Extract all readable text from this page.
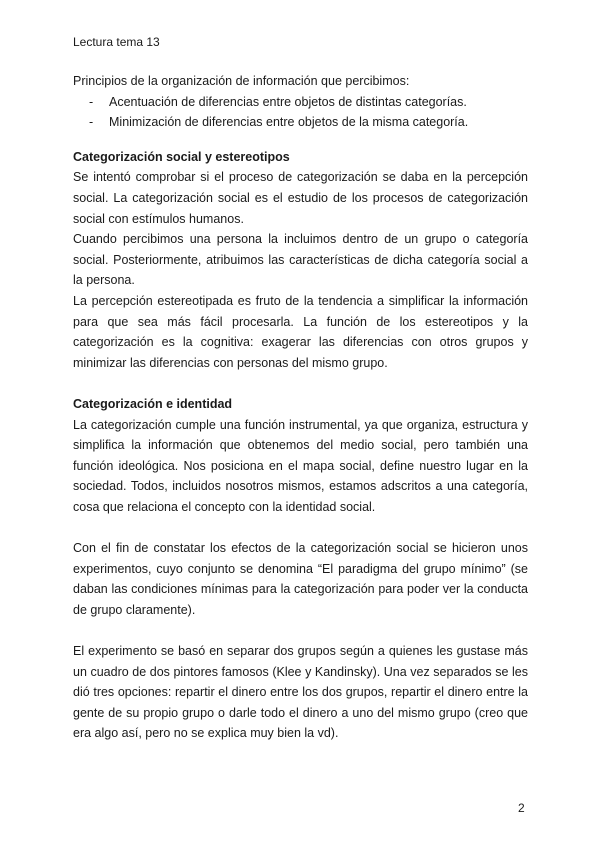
Lectura tema 13

Principios de la organización de información que percibimos:

- Acentuación de diferencias entre objetos de distintas categorías.
- Minimización de diferencias entre objetos de la misma categoría.
Categorización social y estereotipos

Se intentó comprobar si el proceso de categorización se daba en la percepción social. La categorización social es el estudio de los procesos de categorización social con estímulos humanos.

Cuando percibimos una persona la incluimos dentro de un grupo o categoría social. Posteriormente, atribuimos las características de dicha categoría social a la persona.

La percepción estereotipada es fruto de la tendencia a simplificar la información para que sea más fácil procesarla. La función de los estereotipos y la categorización es la cognitiva: exagerar las diferencias con otros grupos y minimizar las diferencias con personas del mismo grupo.

Categorización e identidad

La categorización cumple una función instrumental, ya que organiza, estructura y simplifica la información que obtenemos del medio social, pero también una función ideológica. Nos posiciona en el mapa social, define nuestro lugar en la sociedad. Todos, incluidos nosotros mismos, estamos adscritos a una categoría, cosa que relaciona el concepto con la identidad social.

Con el fin de constatar los efectos de la categorización social se hicieron unos experimentos, cuyo conjunto se denomina “El paradigma del grupo mínimo” (se daban las condiciones mínimas para la categorización para poder ver la conducta de grupo claramente).

El experimento se basó en separar dos grupos según a quienes les gustase más un cuadro de dos pintores famosos (Klee y Kandinsky). Una vez separados se les dió tres opciones: repartir el dinero entre los dos grupos, repartir el dinero entre la gente de su propio grupo o darle todo el dinero a uno del mismo grupo (creo que era algo así, pero no se explica muy bien la vd).

2
